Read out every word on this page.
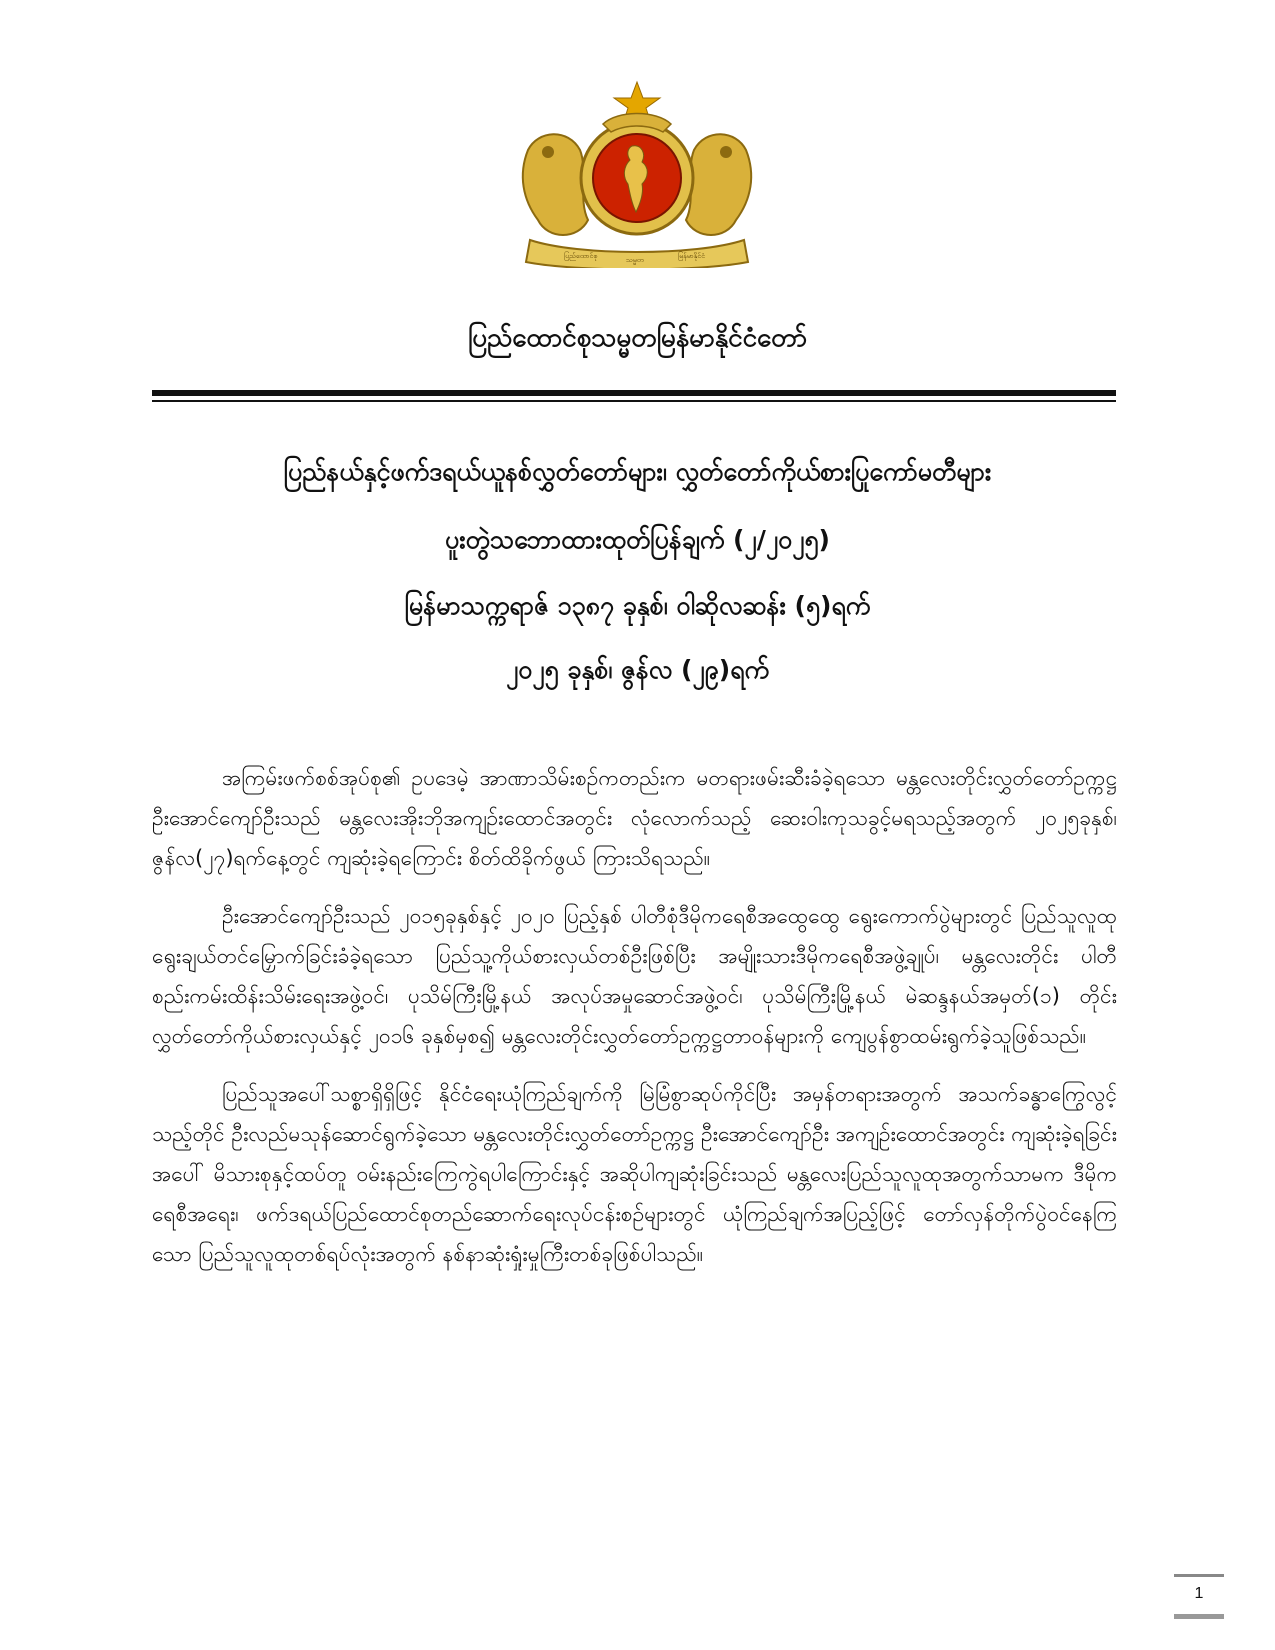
ပြည်ထောင်စု	သမ္မတ	မြန်မာနိုင်ငံ
ပြည်ထောင်စုသမ္မတမြန်မာနိုင်ငံတော်
ပြည်နယ်နှင့်ဖက်ဒရယ်ယူနစ်လွှတ်တော်များ၊ လွှတ်တော်ကိုယ်စားပြုကော်မတီများ
ပူးတွဲသဘောထားထုတ်ပြန်ချက် (၂/၂၀၂၅)
မြန်မာသက္ကရာဇ် ၁၃၈၇ ခုနှစ်၊ ဝါဆိုလဆန်း (၅)ရက်
၂၀၂၅ ခုနှစ်၊ ဇွန်လ (၂၉)ရက်

အကြမ်းဖက်စစ်အုပ်စု၏ ဥပဒေမဲ့ အာဏာသိမ်းစဉ်ကတည်းက မတရားဖမ်းဆီးခံခဲ့ရသော မန္တလေးတိုင်းလွှတ်တော်ဥက္ကဋ္ဌ ဦးအောင်ကျော်ဦးသည် မန္တလေးအိုးဘိုအကျဉ်းထောင်အတွင်း လုံလောက်သည့် ဆေးဝါးကုသခွင့်မရသည့်အတွက် ၂၀၂၅ခုနှစ်၊ ဇွန်လ(၂၇)ရက်နေ့တွင် ကျဆုံးခဲ့ရကြောင်း စိတ်ထိခိုက်ဖွယ် ကြားသိရသည်။

ဦးအောင်ကျော်ဦးသည် ၂၀၁၅ခုနှစ်နှင့် ၂၀၂၀ ပြည့်နှစ် ပါတီစုံဒီမိုကရေစီအထွေထွေ ရွေးကောက်ပွဲများတွင် ပြည်သူလူထု ရွေးချယ်တင်မြှောက်ခြင်းခံခဲ့ရသော ပြည်သူ့ကိုယ်စားလှယ်တစ်ဦးဖြစ်ပြီး အမျိုးသားဒီမိုကရေစီအဖွဲ့ချုပ်၊ မန္တလေးတိုင်း ပါတီစည်းကမ်းထိန်းသိမ်းရေးအဖွဲ့ဝင်၊ ပုသိမ်ကြီးမြို့နယ် အလုပ်အမှုဆောင်အဖွဲ့ဝင်၊ ပုသိမ်ကြီးမြို့နယ် မဲဆန္ဒနယ်အမှတ်(၁) တိုင်းလွှတ်တော်ကိုယ်စားလှယ်နှင့် ၂၀၁၆ ခုနှစ်မှစ၍ မန္တလေးတိုင်းလွှတ်တော်ဥက္ကဋ္ဌတာဝန်များကို ကျေပွန်စွာထမ်းရွက်ခဲ့သူဖြစ်သည်။

ပြည်သူအပေါ်သစ္စာရှိရှိဖြင့် နိုင်ငံရေးယုံကြည်ချက်ကို မြဲမြံစွာဆုပ်ကိုင်ပြီး အမှန်တရားအတွက် အသက်ခန္ဓာကြွေလွင့်သည့်တိုင် ဦးလည်မသုန်ဆောင်ရွက်ခဲ့သော မန္တလေးတိုင်းလွှတ်တော်ဥက္ကဋ္ဌ ဦးအောင်ကျော်ဦး အကျဉ်းထောင်အတွင်း ကျဆုံးခဲ့ရခြင်းအပေါ် မိသားစုနှင့်ထပ်တူ ဝမ်းနည်းကြေကွဲရပါကြောင်းနှင့် အဆိုပါကျဆုံးခြင်းသည် မန္တလေးပြည်သူလူထုအတွက်သာမက ဒီမိုကရေစီအရေး၊ ဖက်ဒရယ်ပြည်ထောင်စုတည်ဆောက်ရေးလုပ်ငန်းစဉ်များတွင် ယုံကြည်ချက်အပြည့်ဖြင့် တော်လှန်တိုက်ပွဲဝင်နေကြသော ပြည်သူလူထုတစ်ရပ်လုံးအတွက် နစ်နာဆုံးရှုံးမှုကြီးတစ်ခုဖြစ်ပါသည်။

1
